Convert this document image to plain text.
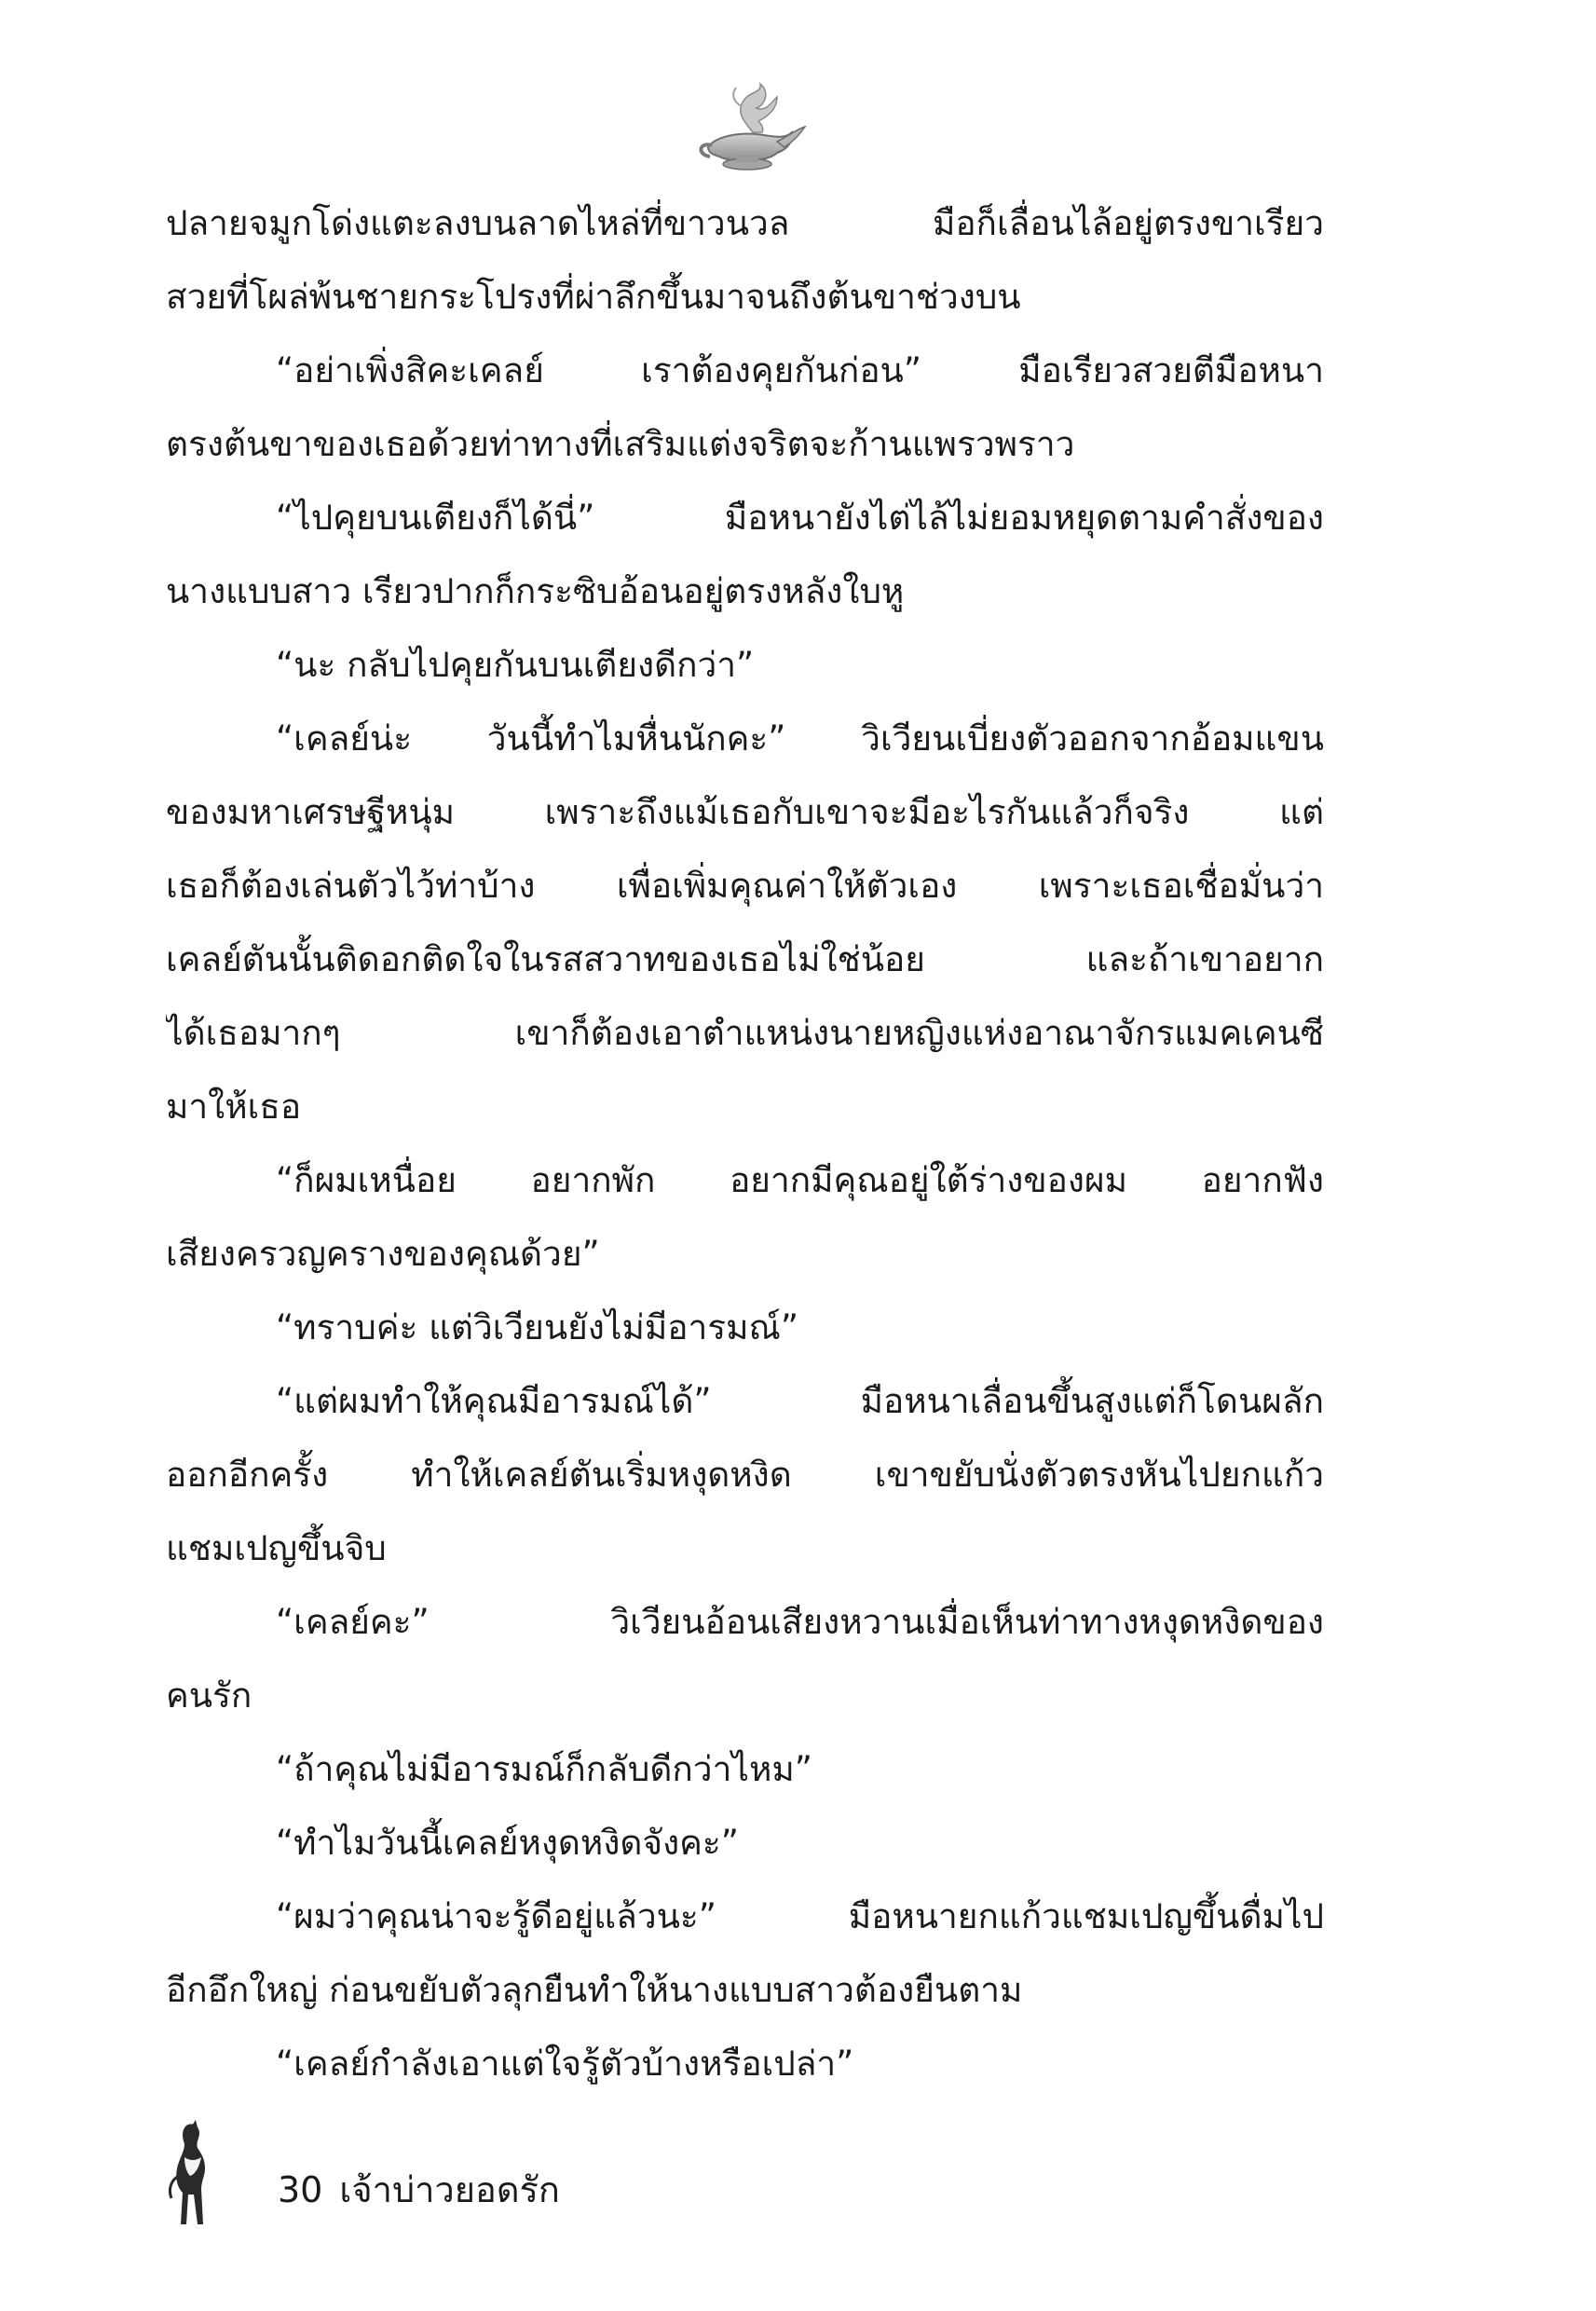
ปลายจมูกโด่งแตะลงบนลาดไหล่ที่ขาวนวล มือก็เลื่อนไล้อยู่ตรงขาเรียว
สวยที่โผล่พ้นชายกระโปรงที่ผ่าลึกขึ้นมาจนถึงต้นขาช่วงบน
“อย่าเพิ่งสิคะเคลย์ เราต้องคุยกันก่อน” มือเรียวสวยตีมือหนา
ตรงต้นขาของเธอด้วยท่าทางที่เสริมแต่งจริตจะก้านแพรวพราว
“ไปคุยบนเตียงก็ได้นี่” มือหนายังไต่ไล้ไม่ยอมหยุดตามคำสั่งของ
นางแบบสาว เรียวปากก็กระซิบอ้อนอยู่ตรงหลังใบหู
“นะ กลับไปคุยกันบนเตียงดีกว่า”
“เคลย์น่ะ วันนี้ทำไมหื่นนักคะ” วิเวียนเบี่ยงตัวออกจากอ้อมแขน
ของมหาเศรษฐีหนุ่ม เพราะถึงแม้เธอกับเขาจะมีอะไรกันแล้วก็จริง แต่
เธอก็ต้องเล่นตัวไว้ท่าบ้าง เพื่อเพิ่มคุณค่าให้ตัวเอง เพราะเธอเชื่อมั่นว่า
เคลย์ตันนั้นติดอกติดใจในรสสวาทของเธอไม่ใช่น้อย และถ้าเขาอยาก
ได้เธอมากๆ เขาก็ต้องเอาตำแหน่งนายหญิงแห่งอาณาจักรแมคเคนซี
มาให้เธอ
“ก็ผมเหนื่อย อยากพัก อยากมีคุณอยู่ใต้ร่างของผม อยากฟัง
เสียงครวญครางของคุณด้วย”
“ทราบค่ะ แต่วิเวียนยังไม่มีอารมณ์”
“แต่ผมทำให้คุณมีอารมณ์ได้” มือหนาเลื่อนขึ้นสูงแต่ก็โดนผลัก
ออกอีกครั้ง ทำให้เคลย์ตันเริ่มหงุดหงิด เขาขยับนั่งตัวตรงหันไปยกแก้ว
แชมเปญขึ้นจิบ
“เคลย์คะ” วิเวียนอ้อนเสียงหวานเมื่อเห็นท่าทางหงุดหงิดของ
คนรัก
“ถ้าคุณไม่มีอารมณ์ก็กลับดีกว่าไหม”
“ทำไมวันนี้เคลย์หงุดหงิดจังคะ”
“ผมว่าคุณน่าจะรู้ดีอยู่แล้วนะ” มือหนายกแก้วแชมเปญขึ้นดื่มไป
อีกอึกใหญ่ ก่อนขยับตัวลุกยืนทำให้นางแบบสาวต้องยืนตาม
“เคลย์กำลังเอาแต่ใจรู้ตัวบ้างหรือเปล่า”
30 เจ้าบ่าวยอดรัก
